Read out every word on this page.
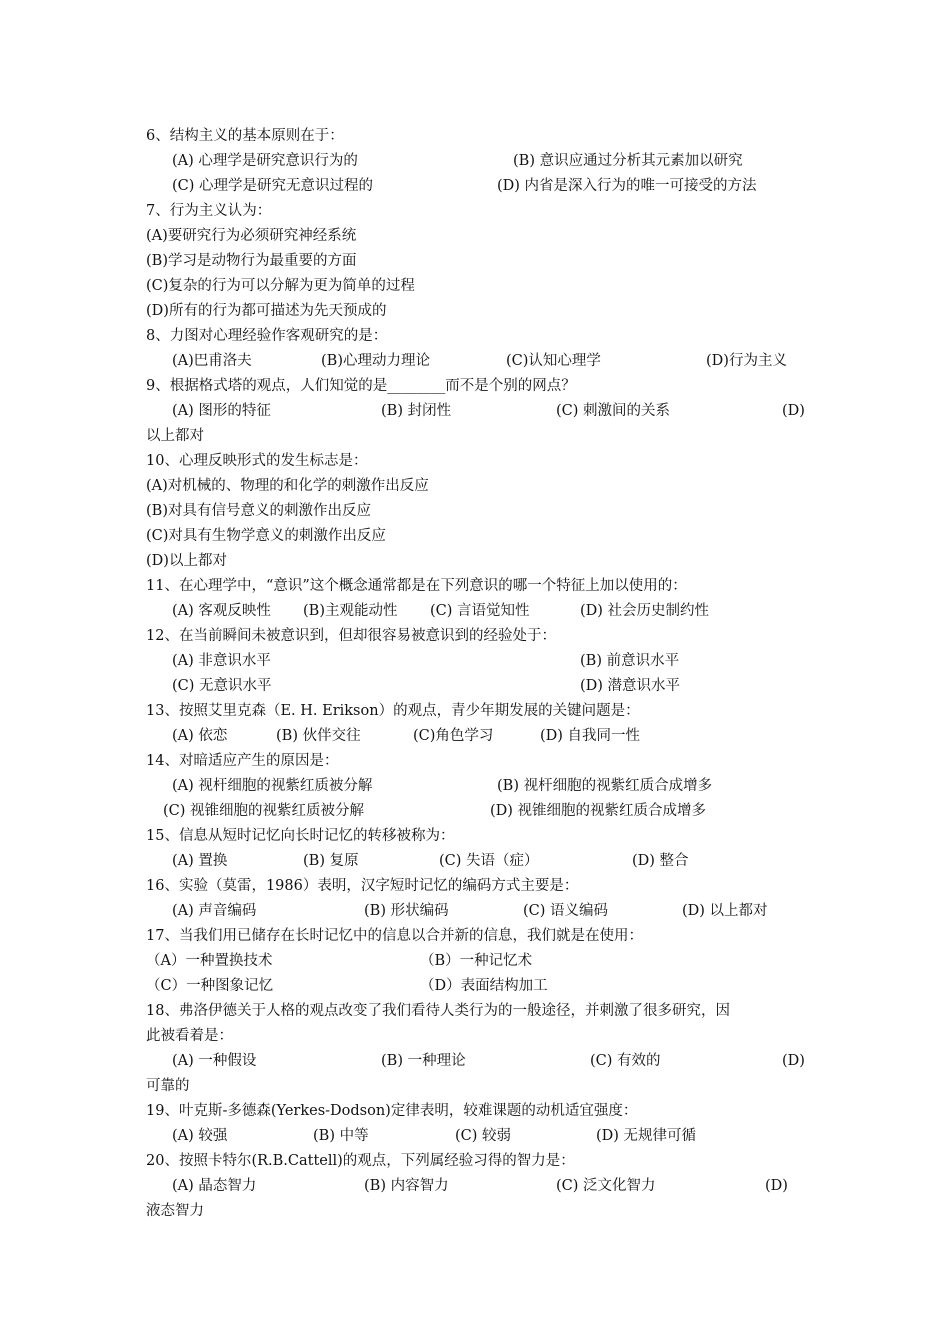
6、结构主义的基本原则在于：
(A) 心理学是研究意识行为的	(B) 意识应通过分析其元素加以研究
(C) 心理学是研究无意识过程的	(D) 内省是深入行为的唯一可接受的方法
7、行为主义认为：
(A)要研究行为必须研究神经系统
(B)学习是动物行为最重要的方面
(C)复杂的行为可以分解为更为简单的过程
(D)所有的行为都可描述为先天预成的
8、力图对心理经验作客观研究的是：
(A)巴甫洛夫	(B)心理动力理论	(C)认知心理学	(D)行为主义
9、根据格式塔的观点，人们知觉的是________而不是个别的网点？
(A) 图形的特征	(B) 封闭性	(C) 刺激间的关系	(D)
以上都对
10、心理反映形式的发生标志是：
(A)对机械的、物理的和化学的刺激作出反应
(B)对具有信号意义的刺激作出反应
(C)对具有生物学意义的刺激作出反应
(D)以上都对
11、在心理学中，“意识”这个概念通常都是在下列意识的哪一个特征上加以使用的：
(A) 客观反映性 (B)主观能动性 (C) 言语觉知性	(D) 社会历史制约性
12、在当前瞬间未被意识到，但却很容易被意识到的经验处于：
(A) 非意识水平	(B) 前意识水平
(C) 无意识水平	(D) 潜意识水平
13、按照艾里克森（E. H. Erikson）的观点，青少年期发展的关键问题是：
(A) 依恋	(B) 伙伴交往	(C)角色学习	(D) 自我同一性
14、对暗适应产生的原因是：
(A) 视杆细胞的视紫红质被分解	(B) 视杆细胞的视紫红质合成增多
(C) 视锥细胞的视紫红质被分解	(D) 视锥细胞的视紫红质合成增多
15、信息从短时记忆向长时记忆的转移被称为：
(A) 置换	(B) 复原	(C) 失语（症）	(D) 整合
16、实验（莫雷，1986）表明，汉字短时记忆的编码方式主要是：
(A) 声音编码	(B) 形状编码	(C) 语义编码	(D) 以上都对
17、当我们用已储存在长时记忆中的信息以合并新的信息，我们就是在使用：
（A）一种置换技术	（B）一种记忆术
（C）一种图象记忆	（D）表面结构加工
18、弗洛伊德关于人格的观点改变了我们看待人类行为的一般途径，并刺激了很多研究，因
此被看着是：
(A) 一种假设	(B) 一种理论	(C) 有效的	(D)
可靠的
19、叶克斯-多德森(Yerkes-Dodson)定律表明，较难课题的动机适宜强度：
(A) 较强	(B) 中等	(C) 较弱	(D) 无规律可循
20、按照卡特尔(R.B.Cattell)的观点，下列属经验习得的智力是：
(A) 晶态智力	(B) 内容智力	(C) 泛文化智力	(D)
液态智力
